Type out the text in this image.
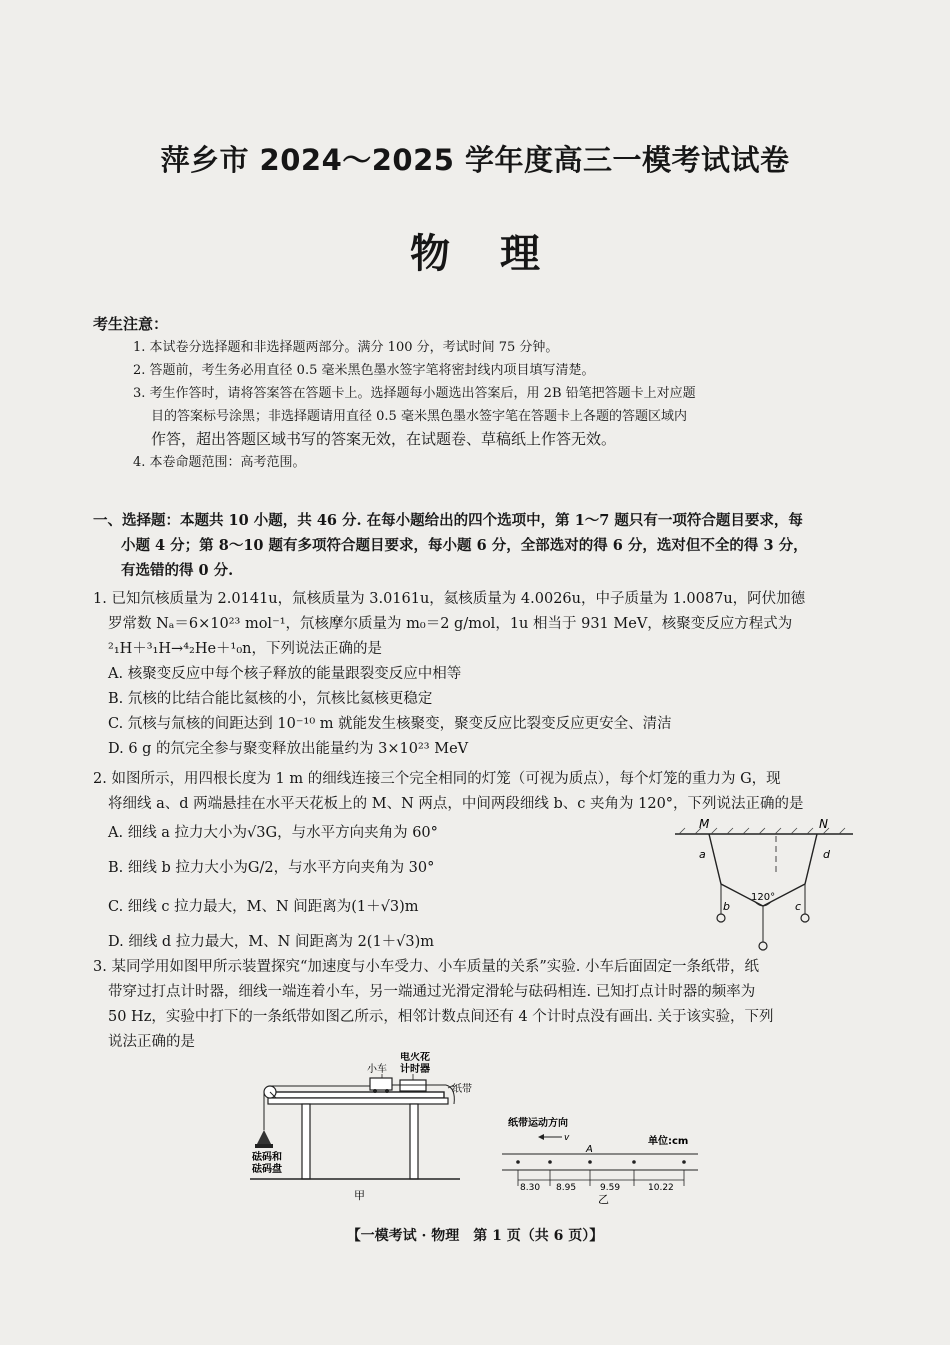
萍乡市 2024～2025 学年度高三一模考试试卷
物理
考生注意：
1. 本试卷分选择题和非选择题两部分。满分 100 分，考试时间 75 分钟。
2. 答题前，考生务必用直径 0.5 毫米黑色墨水签字笔将密封线内项目填写清楚。
3. 考生作答时，请将答案答在答题卡上。选择题每小题选出答案后，用 2B 铅笔把答题卡上对应题
目的答案标号涂黑；非选择题请用直径 0.5 毫米黑色墨水签字笔在答题卡上各题的答题区域内
作答，超出答题区域书写的答案无效，在试题卷、草稿纸上作答无效。
4. 本卷命题范围：高考范围。
一、选择题：本题共 10 小题，共 46 分. 在每小题给出的四个选项中，第 1～7 题只有一项符合题目要求，每
小题 4 分；第 8～10 题有多项符合题目要求，每小题 6 分，全部选对的得 6 分，选对但不全的得 3 分，
有选错的得 0 分.
1. 已知氘核质量为 2.0141u，氚核质量为 3.0161u，氦核质量为 4.0026u，中子质量为 1.0087u，阿伏加德
罗常数 Nₐ＝6×10²³ mol⁻¹，氘核摩尔质量为 m₀＝2 g/mol，1u 相当于 931 MeV，核聚变反应方程式为
²₁H＋³₁H→⁴₂He＋¹₀n，下列说法正确的是
A. 核聚变反应中每个核子释放的能量跟裂变反应中相等
B. 氘核的比结合能比氦核的小，氘核比氦核更稳定
C. 氘核与氚核的间距达到 10⁻¹⁰ m 就能发生核聚变，聚变反应比裂变反应更安全、清洁
D. 6 g 的氘完全参与聚变释放出能量约为 3×10²³ MeV
2. 如图所示，用四根长度为 1 m 的细线连接三个完全相同的灯笼（可视为质点），每个灯笼的重力为 G，现
将细线 a、d 两端悬挂在水平天花板上的 M、N 两点，中间两段细线 b、c 夹角为 120°，下列说法正确的是
A. 细线 a 拉力大小为√3G，与水平方向夹角为 60°
B. 细线 b 拉力大小为G/2，与水平方向夹角为 30°
C. 细线 c 拉力最大，M、N 间距离为(1＋√3)m
D. 细线 d 拉力最大，M、N 间距离为 2(1＋√3)m
M	N
a	d
b	c
120°
3. 某同学用如图甲所示装置探究“加速度与小车受力、小车质量的关系”实验. 小车后面固定一条纸带，纸
带穿过打点计时器，细线一端连着小车，另一端通过光滑定滑轮与砝码相连. 已知打点计时器的频率为
50 Hz，实验中打下的一条纸带如图乙所示，相邻计数点间还有 4 个计时点没有画出. 关于该实验，下列
说法正确的是
小车
电火花
计时器
纸带
砝码和
砝码盘
甲
纸带运动方向
v
A
单位:cm
8.30 8.95	9.59	10.22
乙
【一模考试 · 物理　第 1 页（共 6 页）】
